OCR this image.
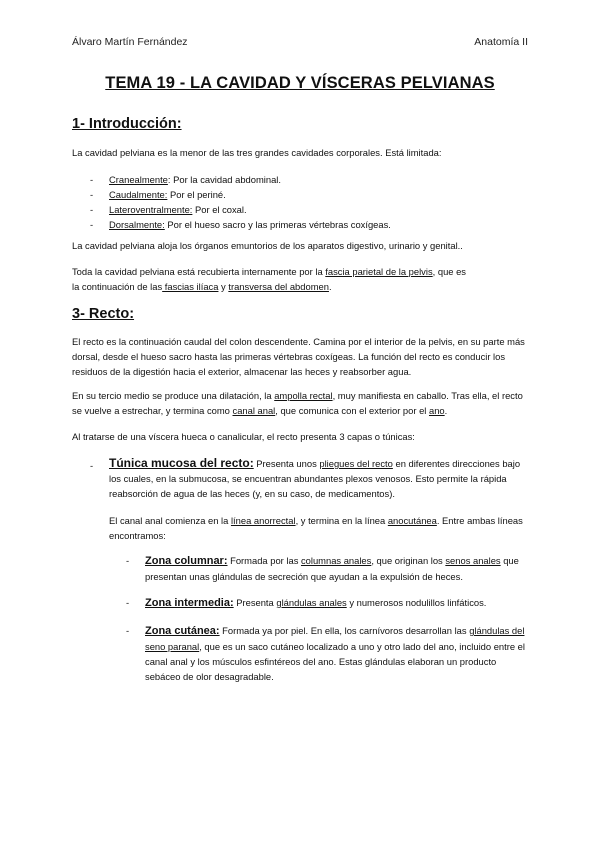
Álvaro Martín Fernández	Anatomía II
TEMA 19 - LA CAVIDAD Y VÍSCERAS PELVIANAS
1- Introducción:
La cavidad pelviana es la menor de las tres grandes cavidades corporales. Está limitada:
- Cranealmente: Por la cavidad abdominal.
- Caudalmente: Por el periné.
- Lateroventralmente: Por el coxal.
- Dorsalmente: Por el hueso sacro y las primeras vértebras coxígeas.
La cavidad pelviana aloja los órganos emuntorios de los aparatos digestivo, urinario y genital..
Toda la cavidad pelviana está recubierta internamente por la fascia parietal de la pelvis, que es
la continuación de las fascias ilíaca y transversa del abdomen.
3- Recto:
El recto es la continuación caudal del colon descendente. Camina por el interior de la pelvis, en su parte más dorsal, desde el hueso sacro hasta las primeras vértebras coxígeas. La función del recto es conducir los residuos de la digestión hacia el exterior, almacenar las heces y reabsorber agua.
En su tercio medio se produce una dilatación, la ampolla rectal, muy manifiesta en caballo. Tras ella, el recto se vuelve a estrechar, y termina como canal anal, que comunica con el exterior por el ano.
Al tratarse de una víscera hueca o canalicular, el recto presenta 3 capas o túnicas:
- Túnica mucosa del recto: Presenta unos pliegues del recto en diferentes direcciones bajo los cuales, en la submucosa, se encuentran abundantes plexos venosos. Esto permite la rápida reabsorción de agua de las heces (y, en su caso, de medicamentos).
El canal anal comienza en la línea anorrectal, y termina en la línea anocutánea. Entre ambas líneas encontramos:
- Zona columnar: Formada por las columnas anales, que originan los senos anales que presentan unas glándulas de secreción que ayudan a la expulsión de heces.
- Zona intermedia: Presenta glándulas anales y numerosos nodulillos linfáticos.
- Zona cutánea: Formada ya por piel. En ella, los carnívoros desarrollan las glándulas del seno paranal, que es un saco cutáneo localizado a uno y otro lado del ano, incluido entre el canal anal y los músculos esfintéreos del ano. Estas glándulas elaboran un producto sebáceo de olor desagradable.
